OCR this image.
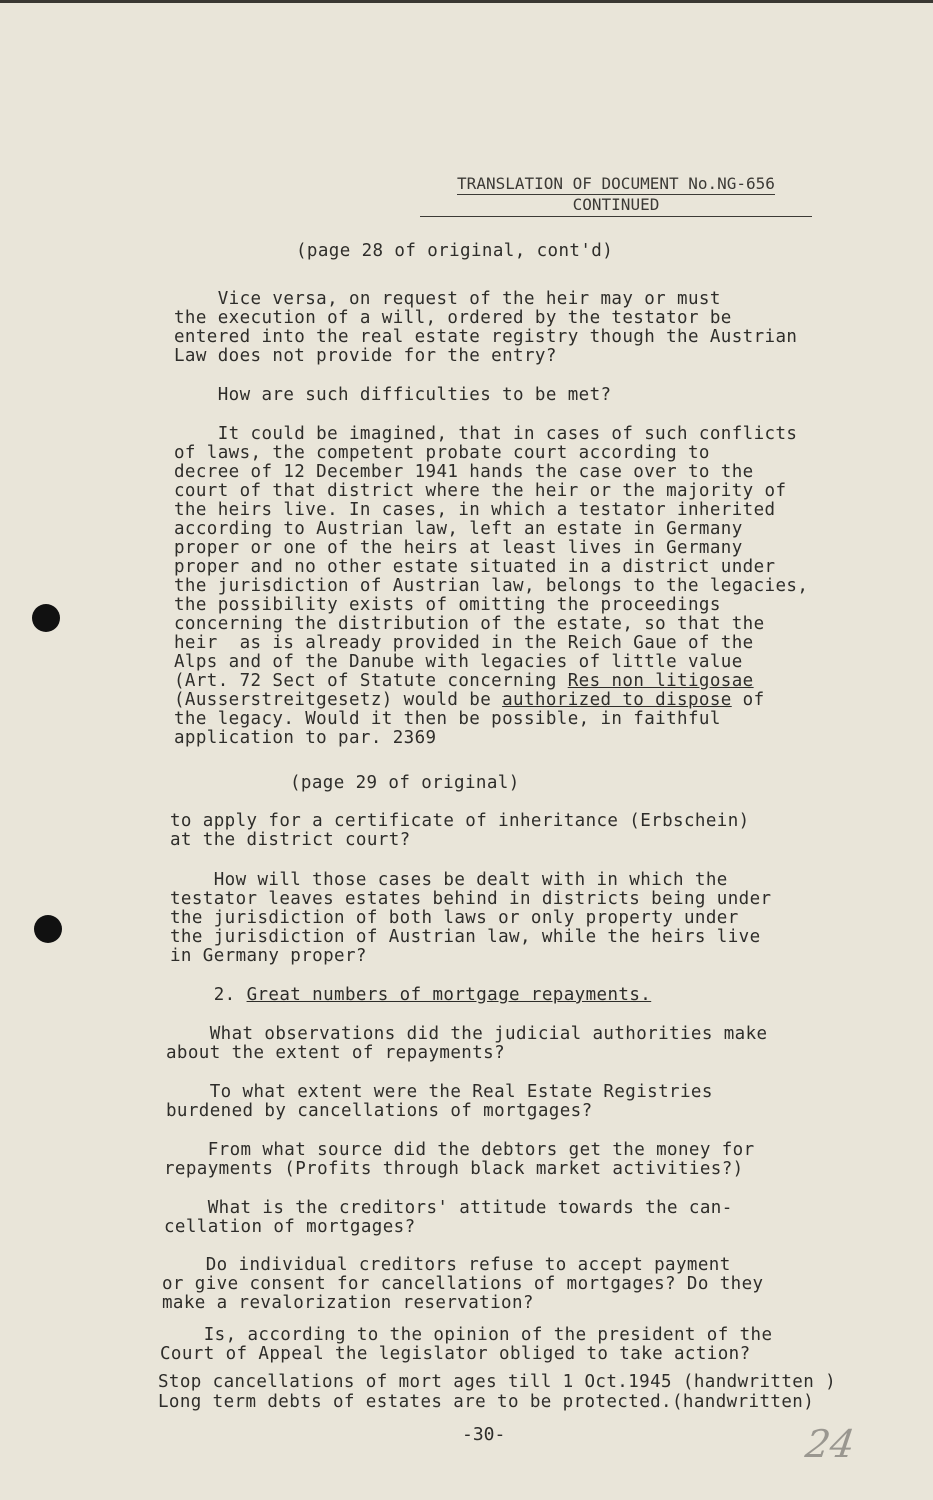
TRANSLATION OF DOCUMENT No.NG-656
CONTINUED
(page 28 of original, cont'd)
Vice versa, on request of the heir may or must
the execution of a will, ordered by the testator be
entered into the real estate registry though the Austrian
Law does not provide for the entry?
How are such difficulties to be met?
It could be imagined, that in cases of such conflicts
of laws, the competent probate court according to
decree of 12 December 1941 hands the case over to the
court of that district where the heir or the majority of
the heirs live. In cases, in which a testator inherited
according to Austrian law, left an estate in Germany
proper or one of the heirs at least lives in Germany
proper and no other estate situated in a district under
the jurisdiction of Austrian law, belongs to the legacies,
the possibility exists of omitting the proceedings
concerning the distribution of the estate, so that the
heir  as is already provided in the Reich Gaue of the
Alps and of the Danube with legacies of little value
(Art. 72 Sect of Statute concerning Res non litigosae
(Ausserstreitgesetz) would be authorized to dispose of
the legacy. Would it then be possible, in faithful
application to par. 2369
(page 29 of original)
to apply for a certificate of inheritance (Erbschein)
at the district court?
How will those cases be dealt with in which the
testator leaves estates behind in districts being under
the jurisdiction of both laws or only property under
the jurisdiction of Austrian law, while the heirs live
in Germany proper?
2. Great numbers of mortgage repayments.
What observations did the judicial authorities make
about the extent of repayments?
To what extent were the Real Estate Registries
burdened by cancellations of mortgages?
From what source did the debtors get the money for
repayments (Profits through black market activities?)
What is the creditors' attitude towards the can-
cellation of mortgages?
Do individual creditors refuse to accept payment
or give consent for cancellations of mortgages? Do they
make a revalorization reservation?
Is, according to the opinion of the president of the
Court of Appeal the legislator obliged to take action?
Stop cancellations of mort ages till 1 Oct.1945 (handwritten )
Long term debts of estates are to be protected.(handwritten)
-30-	24
